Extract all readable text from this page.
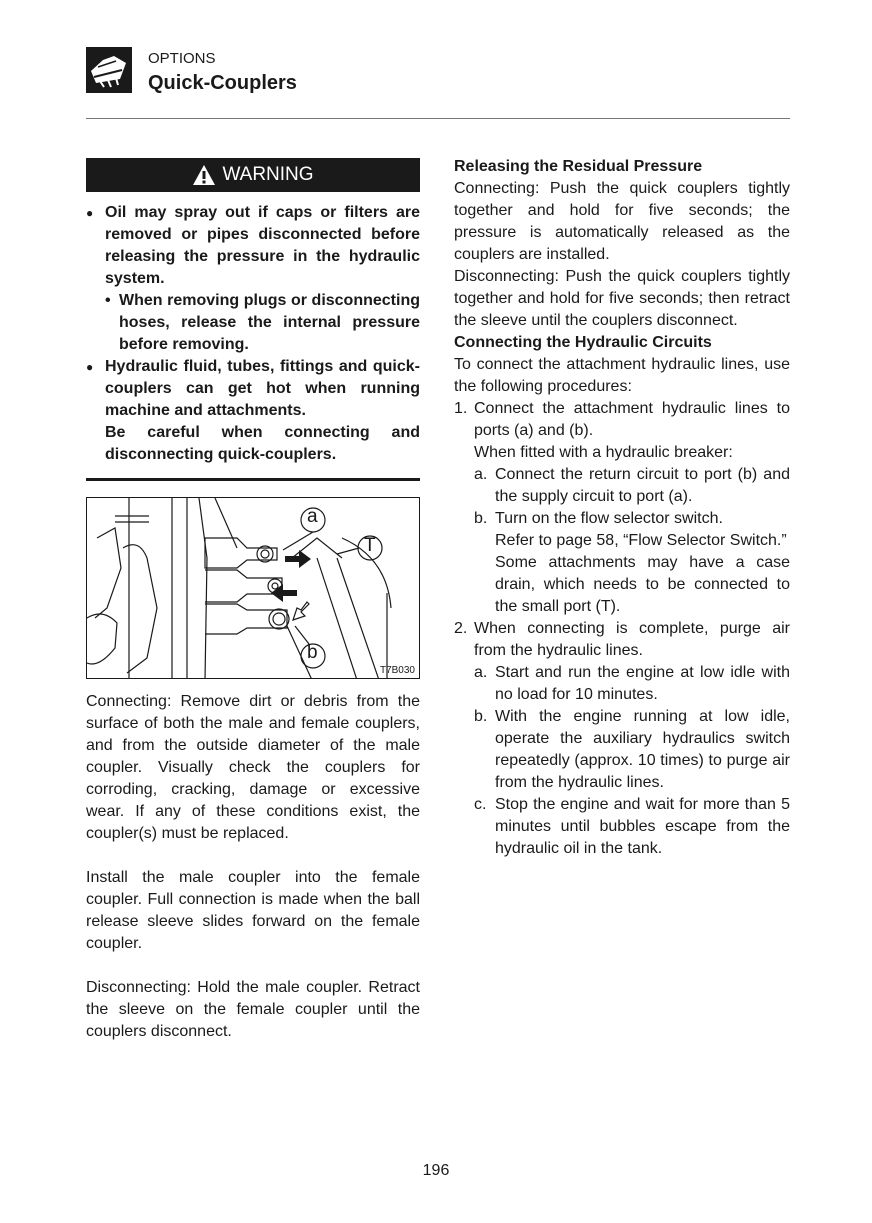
OPTIONS
Quick-Couplers
WARNING

● Oil may spray out if caps or filters are removed or pipes disconnected before releasing the pressure in the hydraulic system.

• When removing plugs or disconnecting hoses, release the internal pressure before removing.

● Hydraulic fluid, tubes, fittings and quick-couplers can get hot when running machine and attachments.

Be careful when connecting and disconnecting quick-couplers.

a
T
b
T7B030

Connecting: Remove dirt or debris from the surface of both the male and female couplers, and from the outside diameter of the male coupler. Visually check the couplers for corroding, cracking, damage or excessive wear. If any of these conditions exist, the coupler(s) must be replaced.

Install the male coupler into the female coupler. Full connection is made when the ball release sleeve slides forward on the female coupler.

Disconnecting: Hold the male coupler. Retract the sleeve on the female coupler until the couplers disconnect.

Releasing the Residual Pressure

Connecting: Push the quick couplers tightly together and hold for five seconds; the pressure is automatically released as the couplers are installed.

Disconnecting: Push the quick couplers tightly together and hold for five seconds; then retract the sleeve until the couplers disconnect.

Connecting the Hydraulic Circuits

To connect the attachment hydraulic lines, use the following procedures:

1. Connect the attachment hydraulic lines to ports (a) and (b).

When fitted with a hydraulic breaker:

a. Connect the return circuit to port (b) and the supply circuit to port (a).
b. Turn on the flow selector switch.

Refer to page 58, “Flow Selector Switch.”

Some attachments may have a case drain, which needs to be connected to the small port (T).

2. When connecting is complete, purge air from the hydraulic lines.

a. Start and run the engine at low idle with no load for 10 minutes.
b. With the engine running at low idle, operate the auxiliary hydraulics switch repeatedly (approx. 10 times) to purge air from the hydraulic lines.
c. Stop the engine and wait for more than 5 minutes until bubbles escape from the hydraulic oil in the tank.
196
